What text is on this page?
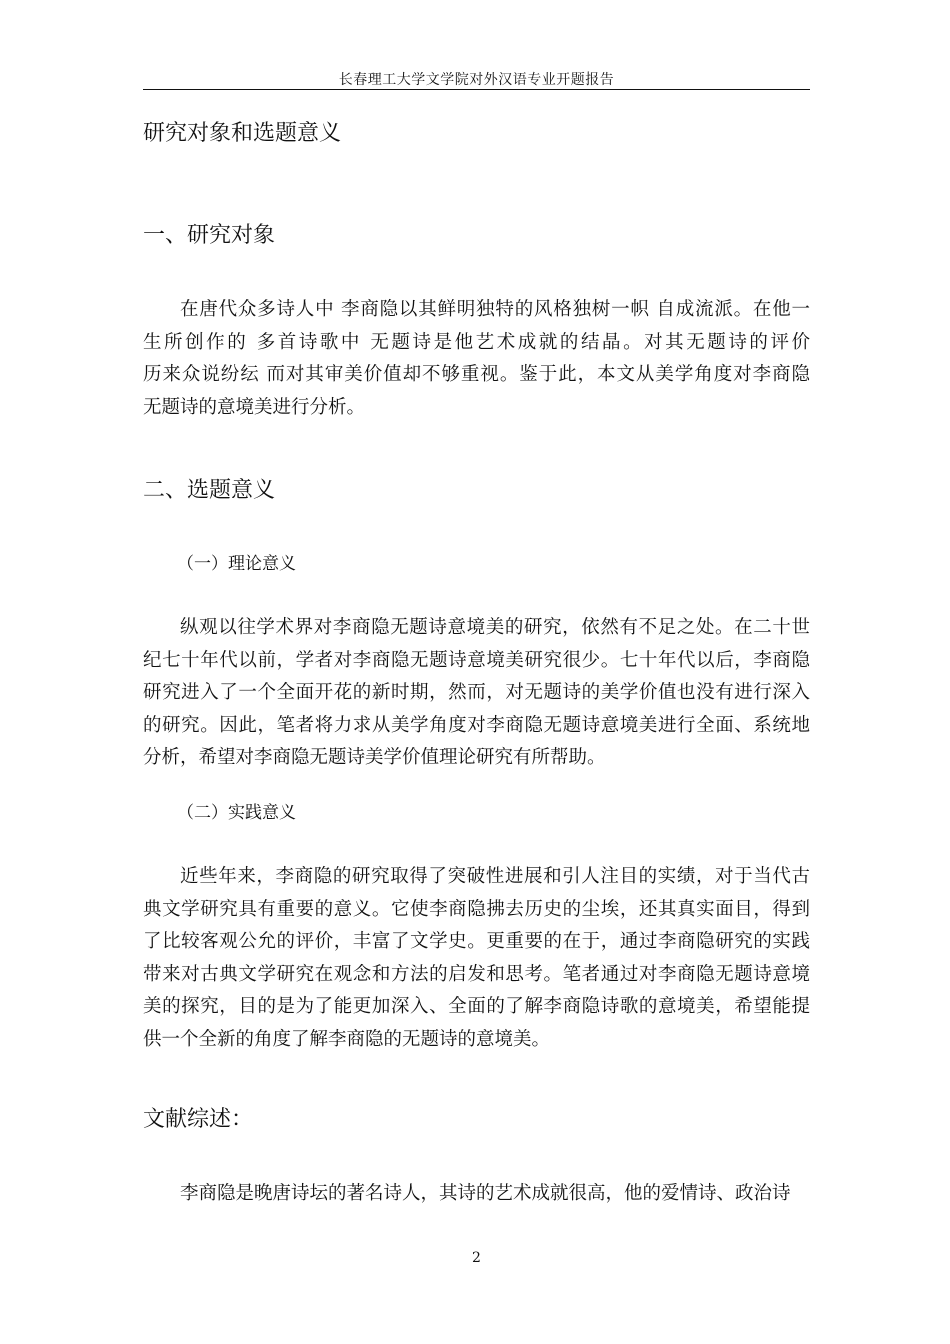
长春理工大学文学院对外汉语专业开题报告
研究对象和选题意义
一、研究对象
在唐代众多诗人中 李商隐以其鲜明独特的风格独树一帜 自成流派。在他一
生所创作的 多首诗歌中 无题诗是他艺术成就的结晶。对其无题诗的评价
历来众说纷纭 而对其审美价值却不够重视。鉴于此，本文从美学角度对李商隐
无题诗的意境美进行分析。
二、选题意义
（一）理论意义
纵观以往学术界对李商隐无题诗意境美的研究，依然有不足之处。在二十世
纪七十年代以前，学者对李商隐无题诗意境美研究很少。七十年代以后，李商隐
研究进入了一个全面开花的新时期，然而，对无题诗的美学价值也没有进行深入
的研究。因此，笔者将力求从美学角度对李商隐无题诗意境美进行全面、系统地
分析，希望对李商隐无题诗美学价值理论研究有所帮助。
（二）实践意义
近些年来，李商隐的研究取得了突破性进展和引人注目的实绩，对于当代古
典文学研究具有重要的意义。它使李商隐拂去历史的尘埃，还其真实面目，得到
了比较客观公允的评价，丰富了文学史。更重要的在于，通过李商隐研究的实践
带来对古典文学研究在观念和方法的启发和思考。笔者通过对李商隐无题诗意境
美的探究，目的是为了能更加深入、全面的了解李商隐诗歌的意境美，希望能提
供一个全新的角度了解李商隐的无题诗的意境美。
文献综述：
李商隐是晚唐诗坛的著名诗人，其诗的艺术成就很高，他的爱情诗、政治诗
2
